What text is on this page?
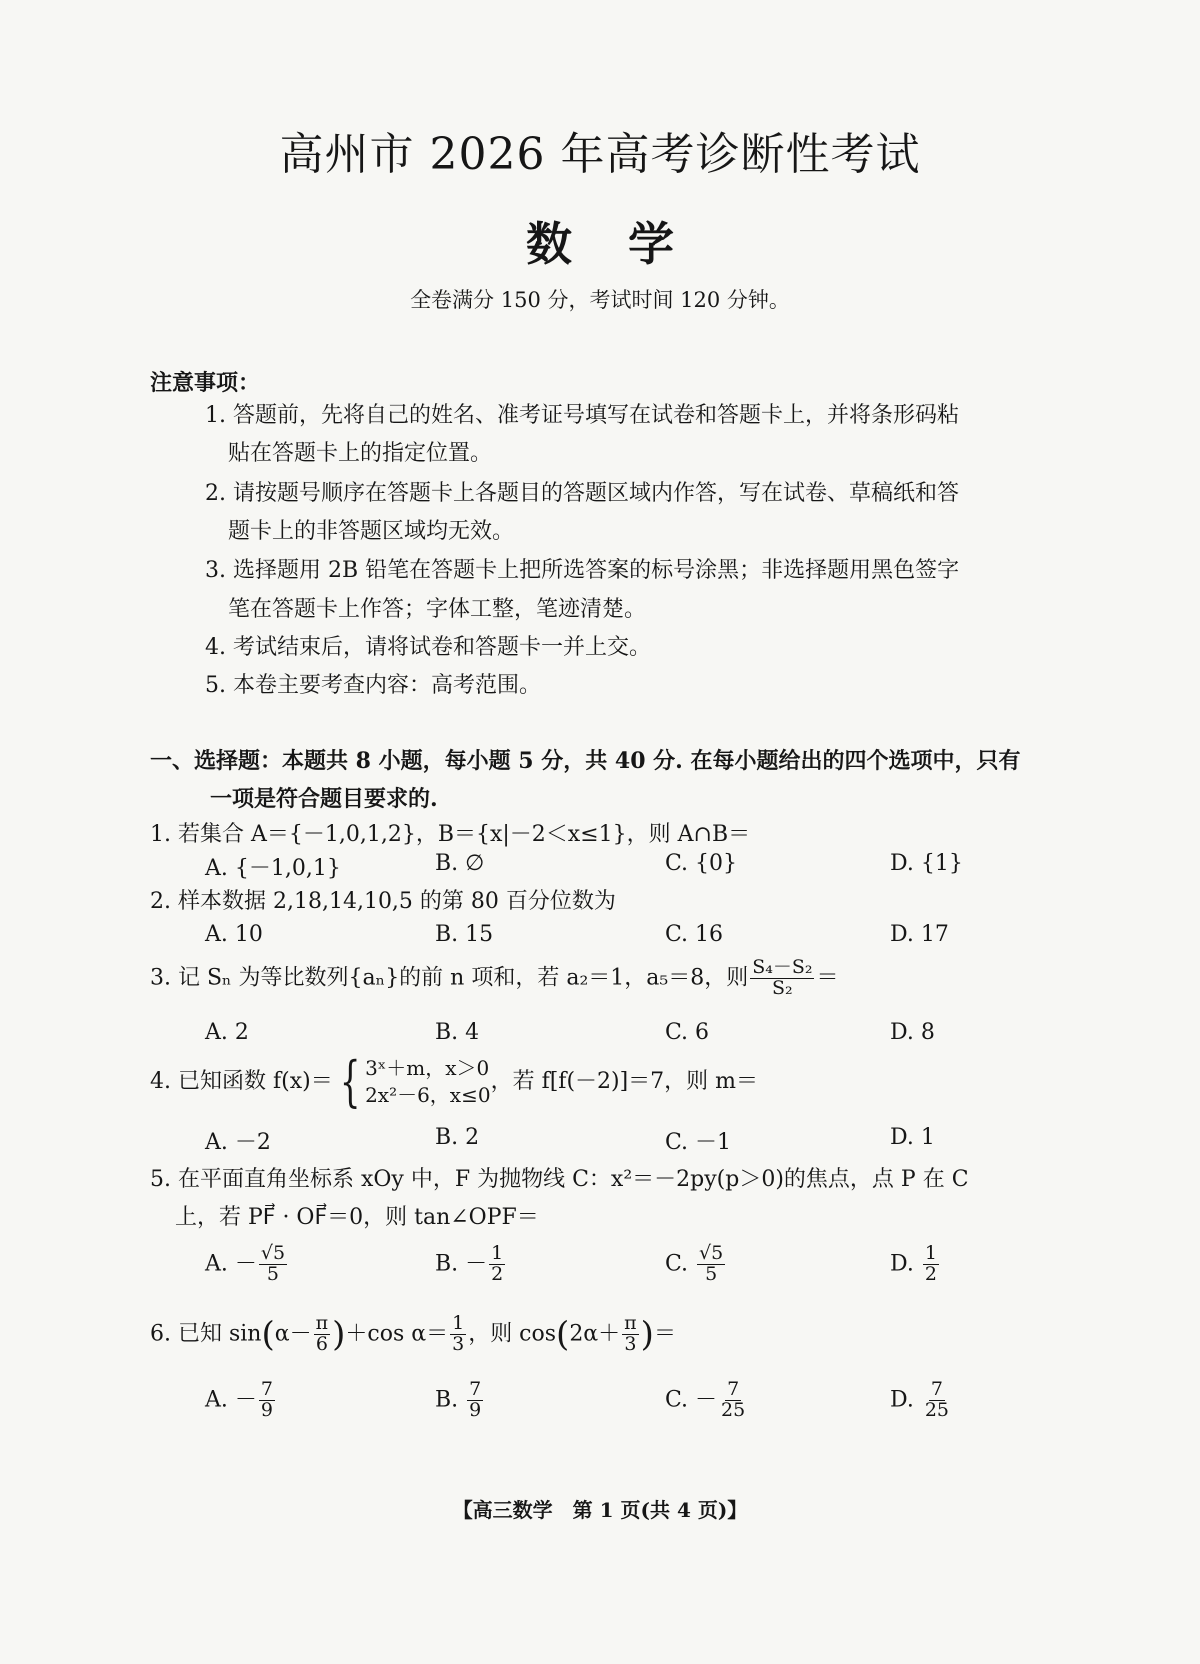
高州市 2026 年高考诊断性考试
数学
全卷满分 150 分，考试时间 120 分钟。
注意事项：
1. 答题前，先将自己的姓名、准考证号填写在试卷和答题卡上，并将条形码粘
贴在答题卡上的指定位置。
2. 请按题号顺序在答题卡上各题目的答题区域内作答，写在试卷、草稿纸和答
题卡上的非答题区域均无效。
3. 选择题用 2B 铅笔在答题卡上把所选答案的标号涂黑；非选择题用黑色签字
笔在答题卡上作答；字体工整，笔迹清楚。
4. 考试结束后，请将试卷和答题卡一并上交。
5. 本卷主要考查内容：高考范围。
一、选择题：本题共 8 小题，每小题 5 分，共 40 分. 在每小题给出的四个选项中，只有
一项是符合题目要求的.
1. 若集合 A＝{－1,0,1,2}，B＝{x|－2＜x≤1}，则 A∩B＝
A. {－1,0,1}	B. ∅	C. {0}	D. {1}
2. 样本数据 2,18,14,10,5 的第 80 百分位数为
A. 10	B. 15	C. 16	D. 17
3. 记 Sₙ 为等比数列{aₙ}的前 n 项和，若 a₂＝1，a₅＝8，则 $\frac{\text{S₄－S₂}}{\text{S₂}}$ ＝
A. 2	B. 4	C. 6	D. 8
4. 已知函数 f(x)＝ { 3ˣ＋m，x＞0
2x²－6，x≤0
，若 f[f(－2)]＝7，则 m＝
A. －2	B. 2	C. －1	D. 1
5. 在平面直角坐标系 xOy 中，F 为抛物线 C：x²＝－2py(p＞0)的焦点，点 P 在 C
上，若 PF⃗ · OF⃗＝0，则 tan∠OPF＝
A. － $\frac{√5}{5}$	B. － $\frac{1}{2}$	C. $\frac{√5}{5}$	D. $\frac{1}{2}$
6. 已知 $\sin(\alpha- \frac{\pi}{6} )+\cos$ $\alpha= \frac{1}{3}$ ，则 $\cos(2\alpha+ \frac{\pi}{3}$ )＝
A. － $\frac{7}{9}$	B. $\frac{7}{9}$	C. － $\frac{7}{25}$	D. $\frac{7}{25}$
【高三数学　第 1 页(共 4 页)】
